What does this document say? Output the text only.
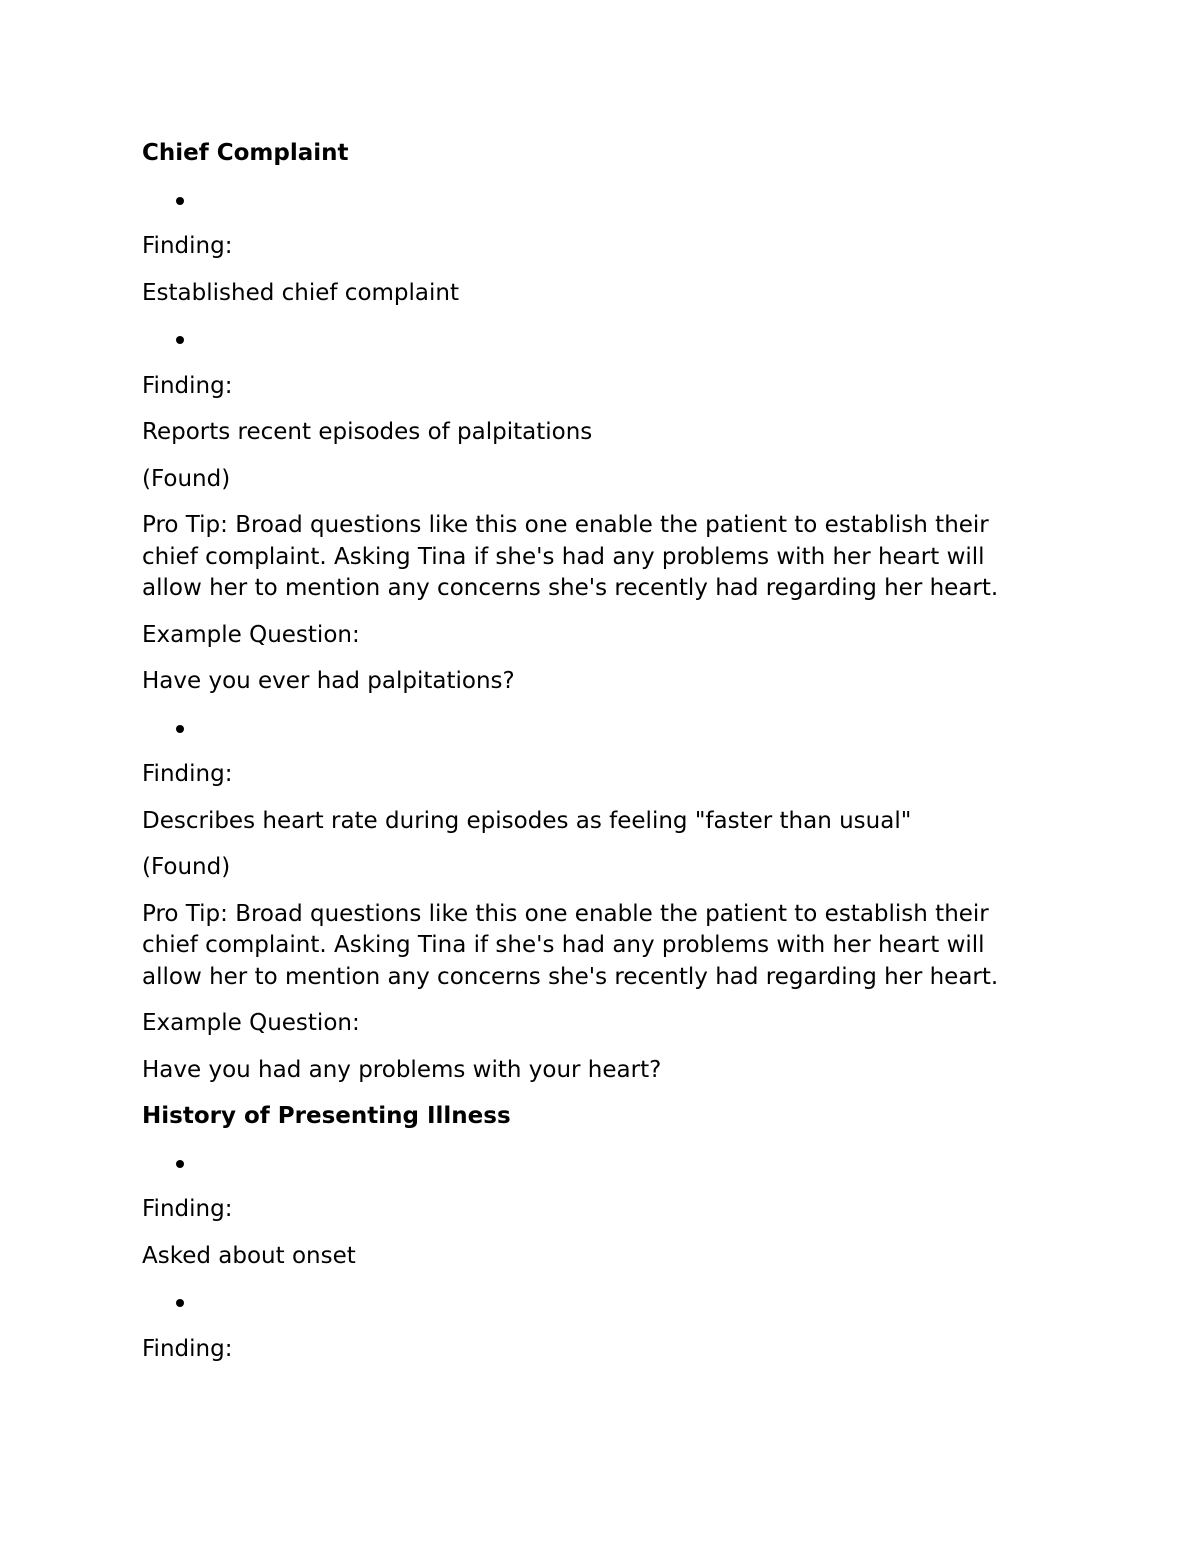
Chief Complaint
Finding:
Established chief complaint
Finding:
Reports recent episodes of palpitations
(Found)
Pro Tip: Broad questions like this one enable the patient to establish their chief complaint. Asking Tina if she's had any problems with her heart will allow her to mention any concerns she's recently had regarding her heart.
Example Question:
Have you ever had palpitations?
Finding:
Describes heart rate during episodes as feeling "faster than usual"
(Found)
Pro Tip: Broad questions like this one enable the patient to establish their chief complaint. Asking Tina if she's had any problems with her heart will allow her to mention any concerns she's recently had regarding her heart.
Example Question:
Have you had any problems with your heart?
History of Presenting Illness
Finding:
Asked about onset
Finding:
